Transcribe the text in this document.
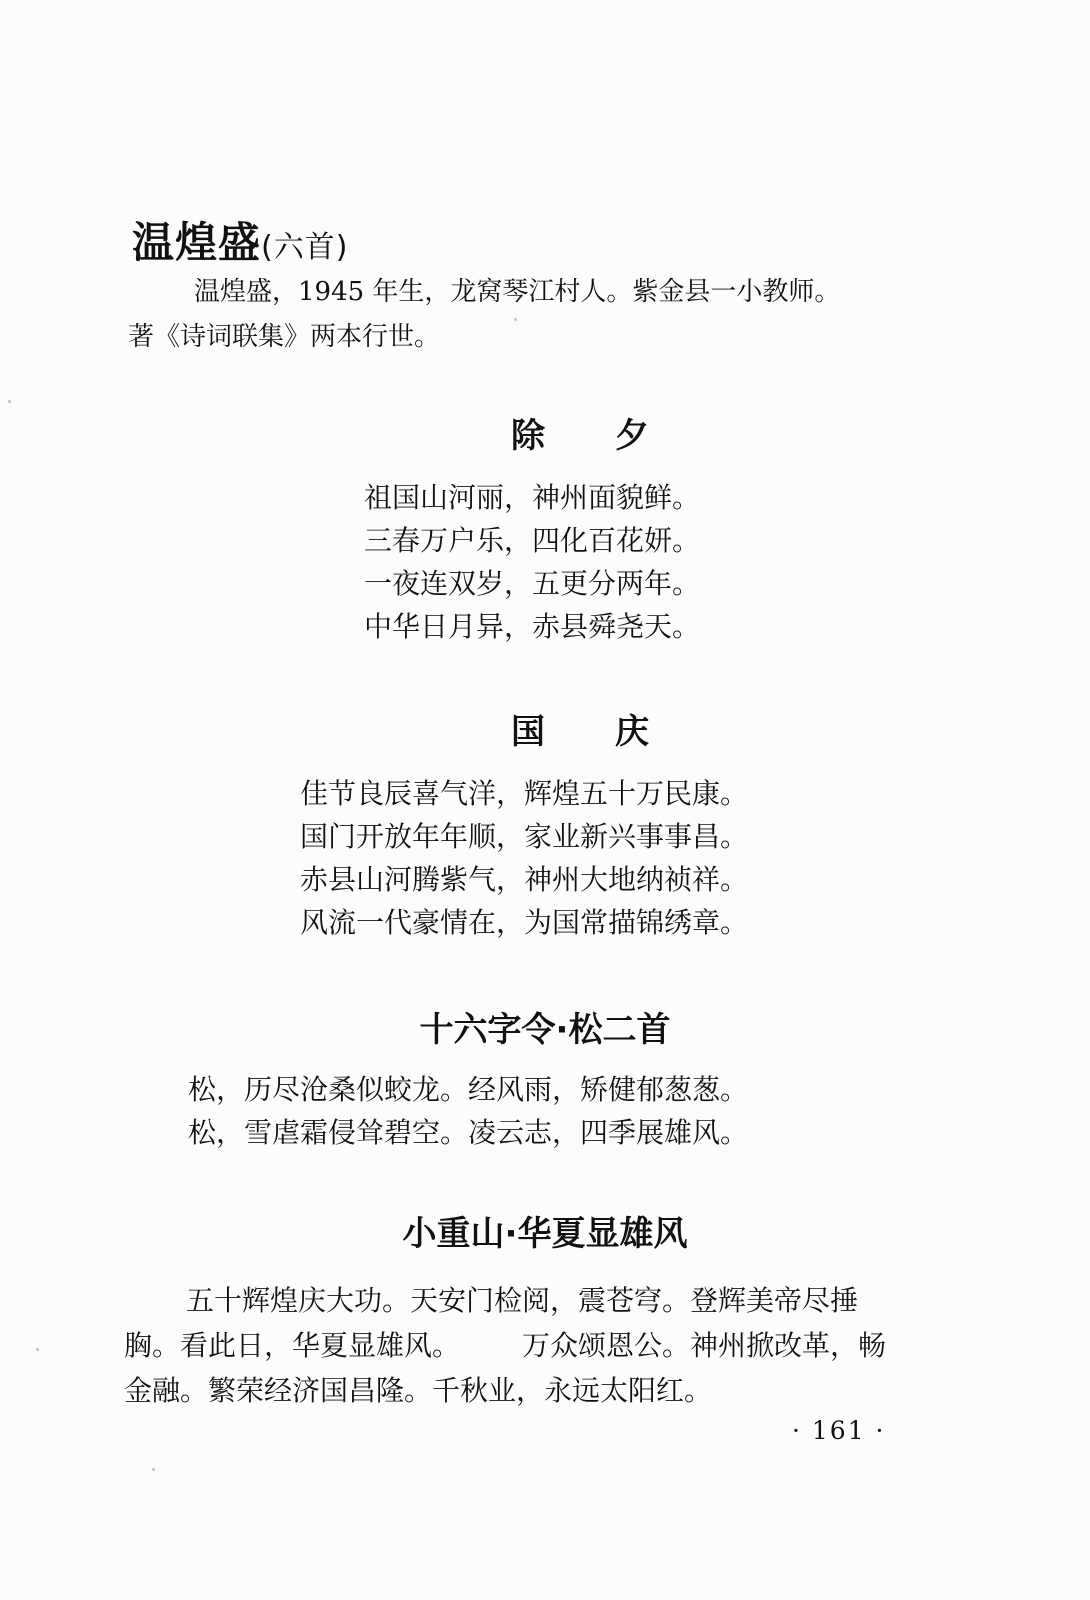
温煌盛(六首)

温煌盛，1945 年生，龙窝琴江村人。紫金县一小教师。
著《诗词联集》两本行世。

除夕
祖国山河丽，神州面貌鲜。
三春万户乐，四化百花妍。
一夜连双岁，五更分两年。
中华日月异，赤县舜尧天。
国庆
佳节良辰喜气洋，辉煌五十万民康。
国门开放年年顺，家业新兴事事昌。
赤县山河腾紫气，神州大地纳祯祥。
风流一代豪情在，为国常描锦绣章。
十六字令·松二首
松，历尽沧桑似蛟龙。经风雨，矫健郁葱葱。
松，雪虐霜侵耸碧空。凌云志，四季展雄风。
小重山·华夏显雄风
五十辉煌庆大功。天安门检阅，震苍穹。登辉美帝尽捶
胸。看此日，华夏显雄风。 万众颂恩公。神州掀改革，畅
金融。繁荣经济国昌隆。千秋业，永远太阳红。

· 161 ·
